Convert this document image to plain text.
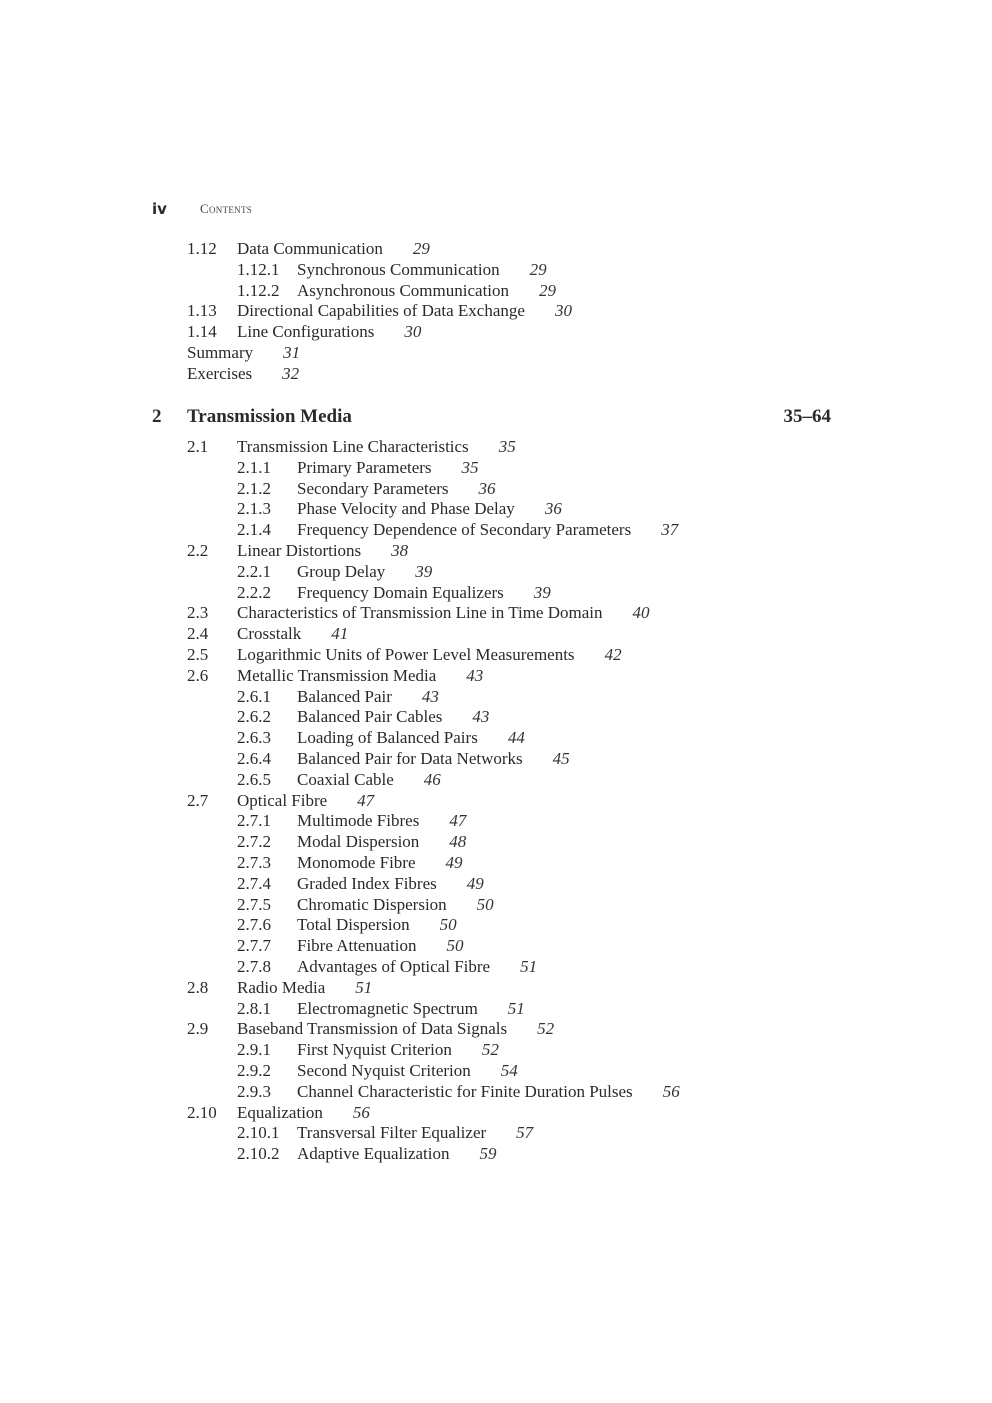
iv	Contents
1.12 Data Communication 29
1.12.1 Synchronous Communication 29
1.12.2 Asynchronous Communication 29
1.13 Directional Capabilities of Data Exchange 30
1.14 Line Configurations 30
Summary 31
Exercises 32
2 Transmission Media	35–64
2.1 Transmission Line Characteristics 35
2.1.1 Primary Parameters 35
2.1.2 Secondary Parameters 36
2.1.3 Phase Velocity and Phase Delay 36
2.1.4 Frequency Dependence of Secondary Parameters 37
2.2 Linear Distortions 38
2.2.1 Group Delay 39
2.2.2 Frequency Domain Equalizers 39
2.3 Characteristics of Transmission Line in Time Domain 40
2.4 Crosstalk 41
2.5 Logarithmic Units of Power Level Measurements 42
2.6 Metallic Transmission Media 43
2.6.1 Balanced Pair 43
2.6.2 Balanced Pair Cables 43
2.6.3 Loading of Balanced Pairs 44
2.6.4 Balanced Pair for Data Networks 45
2.6.5 Coaxial Cable 46
2.7 Optical Fibre 47
2.7.1 Multimode Fibres 47
2.7.2 Modal Dispersion 48
2.7.3 Monomode Fibre 49
2.7.4 Graded Index Fibres 49
2.7.5 Chromatic Dispersion 50
2.7.6 Total Dispersion 50
2.7.7 Fibre Attenuation 50
2.7.8 Advantages of Optical Fibre 51
2.8 Radio Media 51
2.8.1 Electromagnetic Spectrum 51
2.9 Baseband Transmission of Data Signals 52
2.9.1 First Nyquist Criterion 52
2.9.2 Second Nyquist Criterion 54
2.9.3 Channel Characteristic for Finite Duration Pulses 56
2.10 Equalization 56
2.10.1 Transversal Filter Equalizer 57
2.10.2 Adaptive Equalization 59
